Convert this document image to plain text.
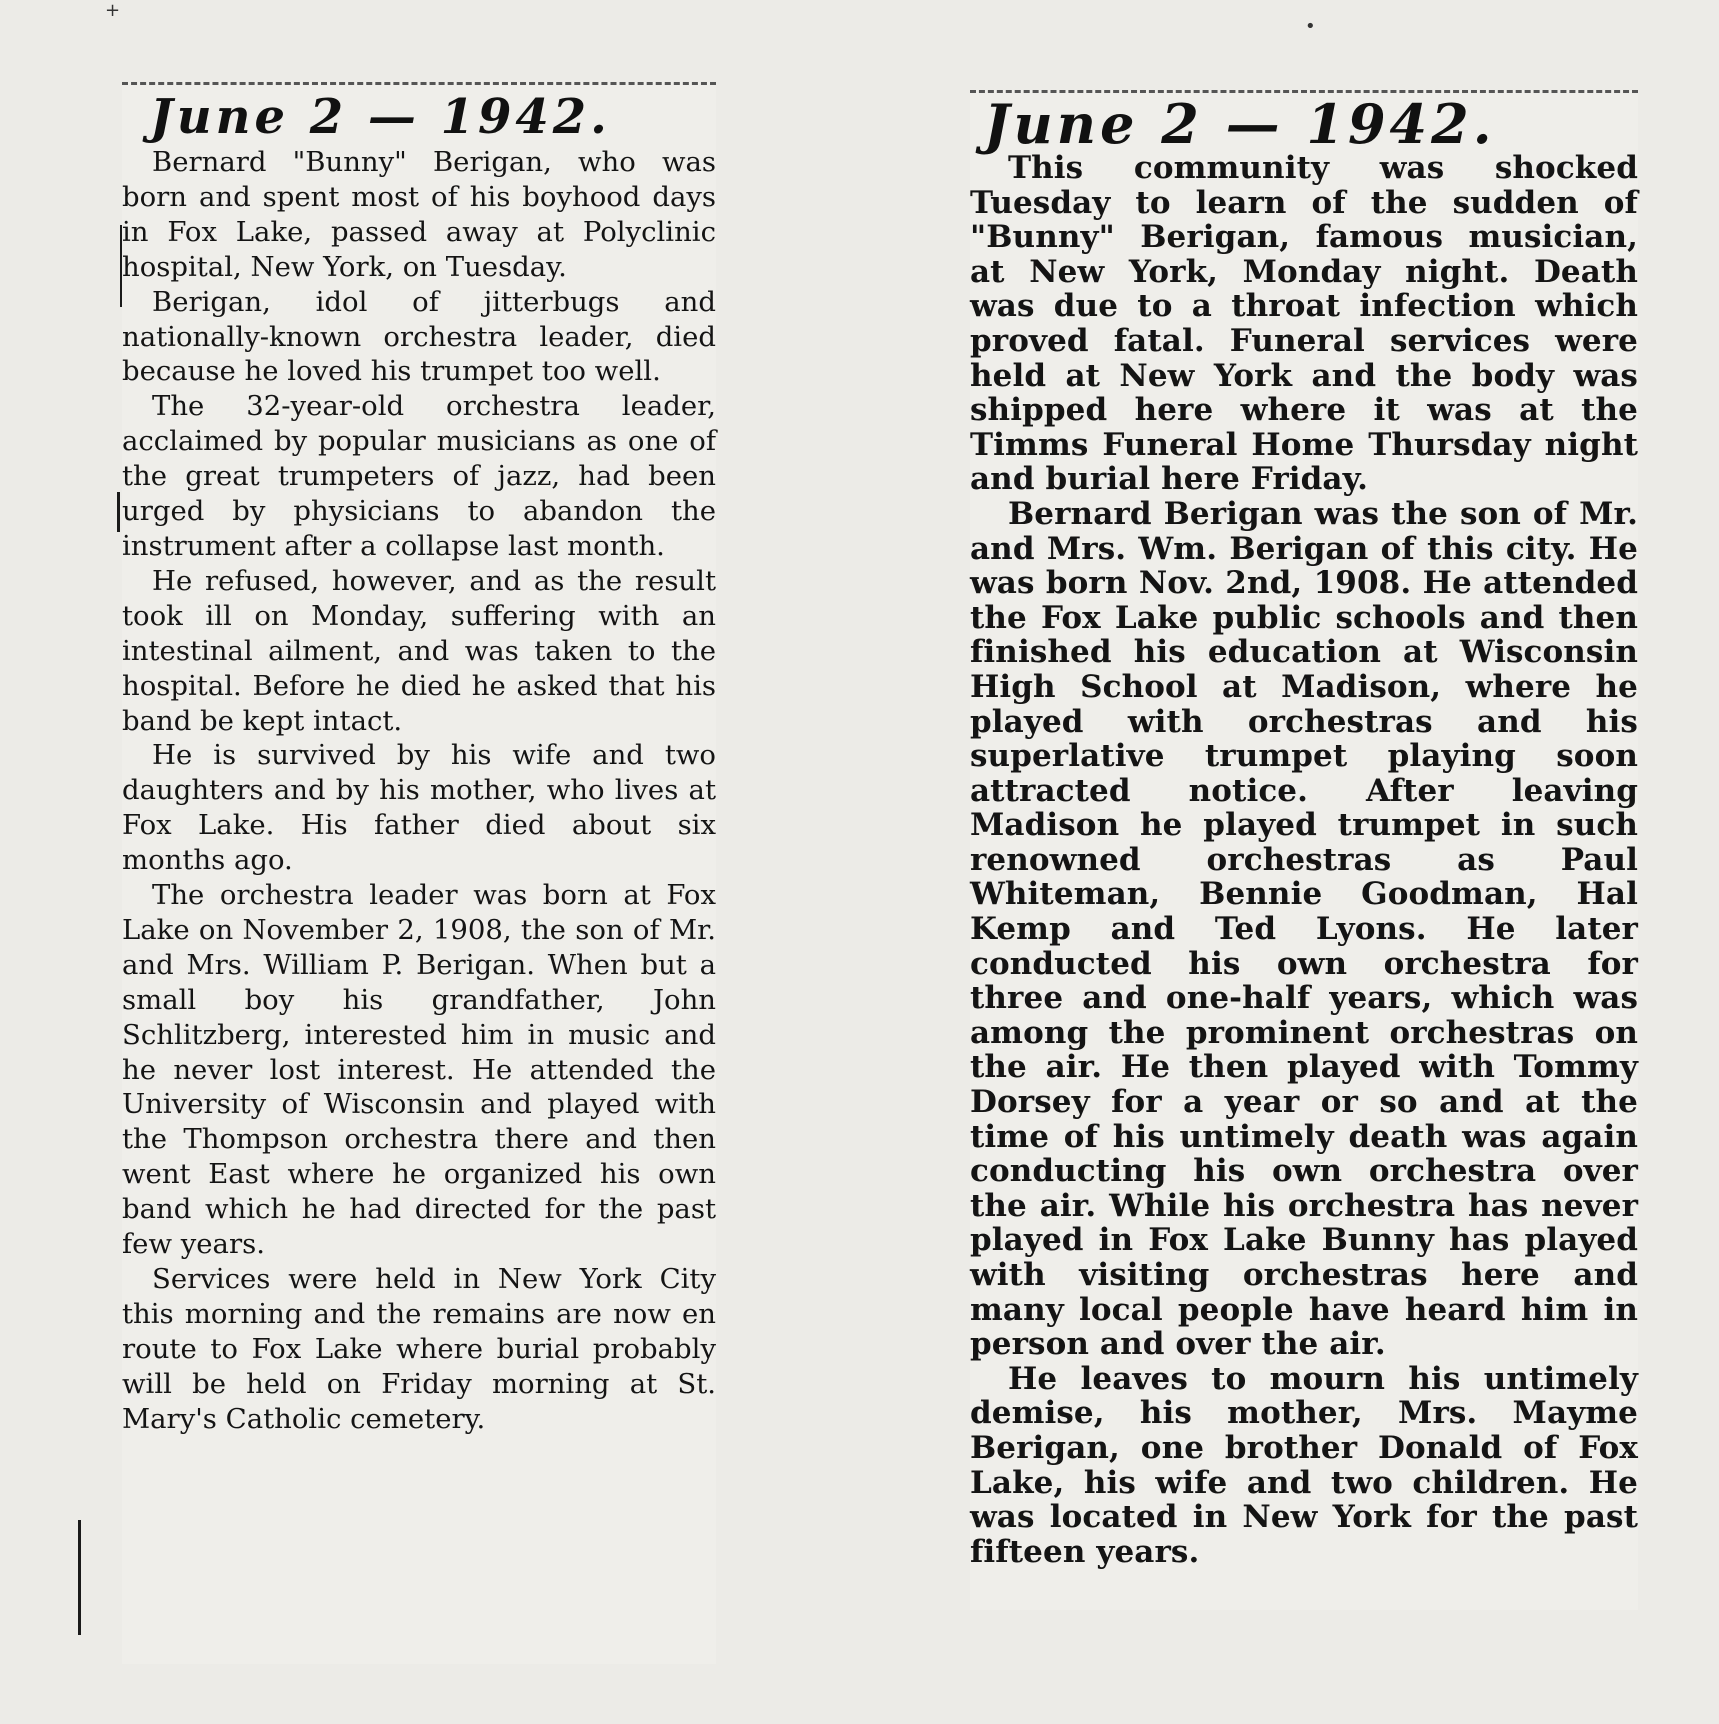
+
•
June 2 — 1942.

Bernard "Bunny" Berigan, who was born and spent most of his boyhood days in Fox Lake, passed away at Polyclinic hospital, New York, on Tuesday.

Berigan, idol of jitterbugs and nationally-known orchestra leader, died because he loved his trumpet too well.

The 32-year-old orchestra leader, acclaimed by popular musicians as one of the great trumpeters of jazz, had been urged by physicians to abandon the instrument after a collapse last month.

He refused, however, and as the result took ill on Monday, suffering with an intestinal ailment, and was taken to the hospital. Before he died he asked that his band be kept intact.

He is survived by his wife and two daughters and by his mother, who lives at Fox Lake. His father died about six months ago.

The orchestra leader was born at Fox Lake on November 2, 1908, the son of Mr. and Mrs. William P. Berigan. When but a small boy his grandfather, John Schlitzberg, interested him in music and he never lost interest. He attended the University of Wisconsin and played with the Thompson orchestra there and then went East where he organized his own band which he had directed for the past few years.

Services were held in New York City this morning and the remains are now en route to Fox Lake where burial probably will be held on Friday morning at St. Mary's Catholic cemetery.

June 2 — 1942.

This community was shocked Tuesday to learn of the sudden of "Bunny" Berigan, famous musician, at New York, Monday night. Death was due to a throat infection which proved fatal. Funeral services were held at New York and the body was shipped here where it was at the Timms Funeral Home Thursday night and burial here Friday.

Bernard Berigan was the son of Mr. and Mrs. Wm. Berigan of this city. He was born Nov. 2nd, 1908. He attended the Fox Lake public schools and then finished his education at Wisconsin High School at Madison, where he played with orchestras and his superlative trumpet playing soon attracted notice. After leaving Madison he played trumpet in such renowned orchestras as Paul Whiteman, Bennie Goodman, Hal Kemp and Ted Lyons. He later conducted his own orchestra for three and one-half years, which was among the prominent orchestras on the air. He then played with Tommy Dorsey for a year or so and at the time of his untimely death was again conducting his own orchestra over the air. While his orchestra has never played in Fox Lake Bunny has played with visiting orchestras here and many local people have heard him in person and over the air.

He leaves to mourn his untimely demise, his mother, Mrs. Mayme Berigan, one brother Donald of Fox Lake, his wife and two children. He was located in New York for the past fifteen years.
